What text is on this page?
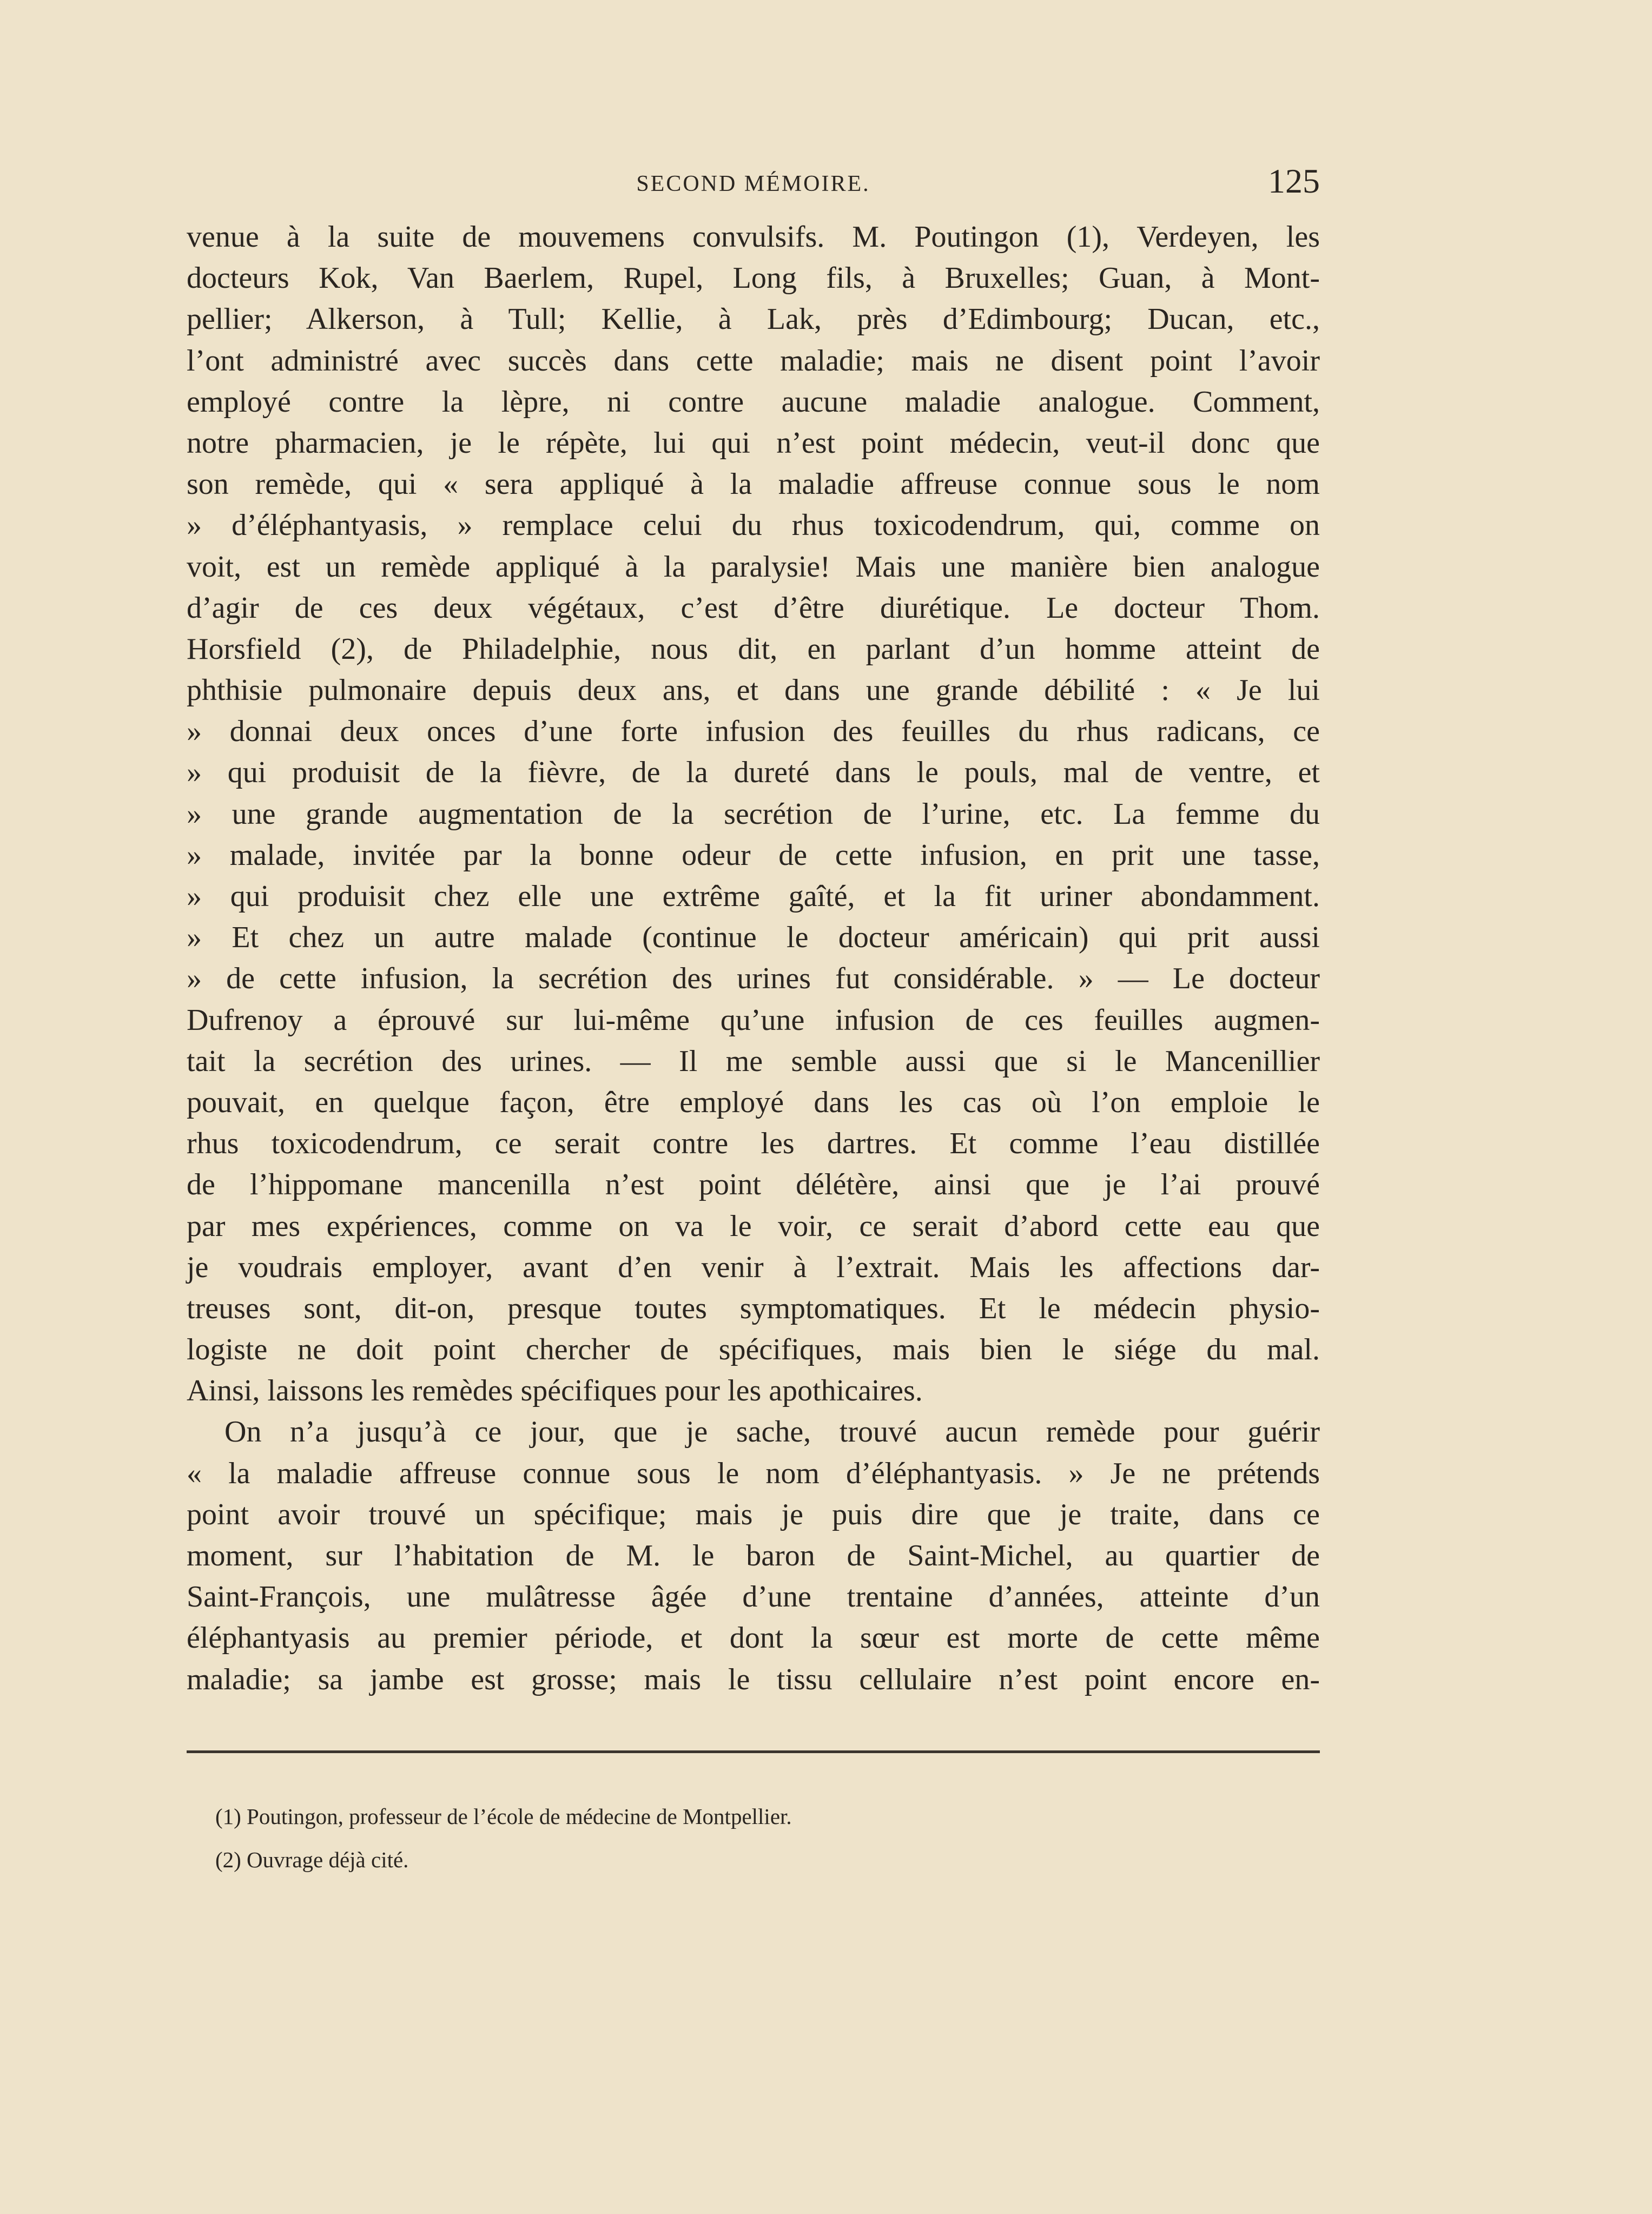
SECOND MÉMOIRE.	125
venue à la suite de mouvemens convulsifs. M. Poutingon (1), Verdeyen, les
docteurs Kok, Van Baerlem, Rupel, Long fils, à Bruxelles; Guan, à Mont-
pellier; Alkerson, à Tull; Kellie, à Lak, près d’Edimbourg; Ducan, etc.,
l’ont administré avec succès dans cette maladie; mais ne disent point l’avoir
employé contre la lèpre, ni contre aucune maladie analogue. Comment,
notre pharmacien, je le répète, lui qui n’est point médecin, veut-il donc que
son remède, qui « sera appliqué à la maladie affreuse connue sous le nom
» d’éléphantyasis, » remplace celui du rhus toxicodendrum, qui, comme on
voit, est un remède appliqué à la paralysie! Mais une manière bien analogue
d’agir de ces deux végétaux, c’est d’être diurétique. Le docteur Thom.
Horsfield (2), de Philadelphie, nous dit, en parlant d’un homme atteint de
phthisie pulmonaire depuis deux ans, et dans une grande débilité : « Je lui
» donnai deux onces d’une forte infusion des feuilles du rhus radicans, ce
» qui produisit de la fièvre, de la dureté dans le pouls, mal de ventre, et
» une grande augmentation de la secrétion de l’urine, etc. La femme du
» malade, invitée par la bonne odeur de cette infusion, en prit une tasse,
» qui produisit chez elle une extrême gaîté, et la fit uriner abondamment.
» Et chez un autre malade (continue le docteur américain) qui prit aussi
» de cette infusion, la secrétion des urines fut considérable. » — Le docteur
Dufrenoy a éprouvé sur lui-même qu’une infusion de ces feuilles augmen-
tait la secrétion des urines. — Il me semble aussi que si le Mancenillier
pouvait, en quelque façon, être employé dans les cas où l’on emploie le
rhus toxicodendrum, ce serait contre les dartres. Et comme l’eau distillée
de l’hippomane mancenilla n’est point délétère, ainsi que je l’ai prouvé
par mes expériences, comme on va le voir, ce serait d’abord cette eau que
je voudrais employer, avant d’en venir à l’extrait. Mais les affections dar-
treuses sont, dit-on, presque toutes symptomatiques. Et le médecin physio-
logiste ne doit point chercher de spécifiques, mais bien le siége du mal.
Ainsi, laissons les remèdes spécifiques pour les apothicaires.
On n’a jusqu’à ce jour, que je sache, trouvé aucun remède pour guérir
« la maladie affreuse connue sous le nom d’éléphantyasis. » Je ne prétends
point avoir trouvé un spécifique; mais je puis dire que je traite, dans ce
moment, sur l’habitation de M. le baron de Saint-Michel, au quartier de
Saint-François, une mulâtresse âgée d’une trentaine d’années, atteinte d’un
éléphantyasis au premier période, et dont la sœur est morte de cette même
maladie; sa jambe est grosse; mais le tissu cellulaire n’est point encore en-
(1) Poutingon, professeur de l’école de médecine de Montpellier.
(2) Ouvrage déjà cité.
